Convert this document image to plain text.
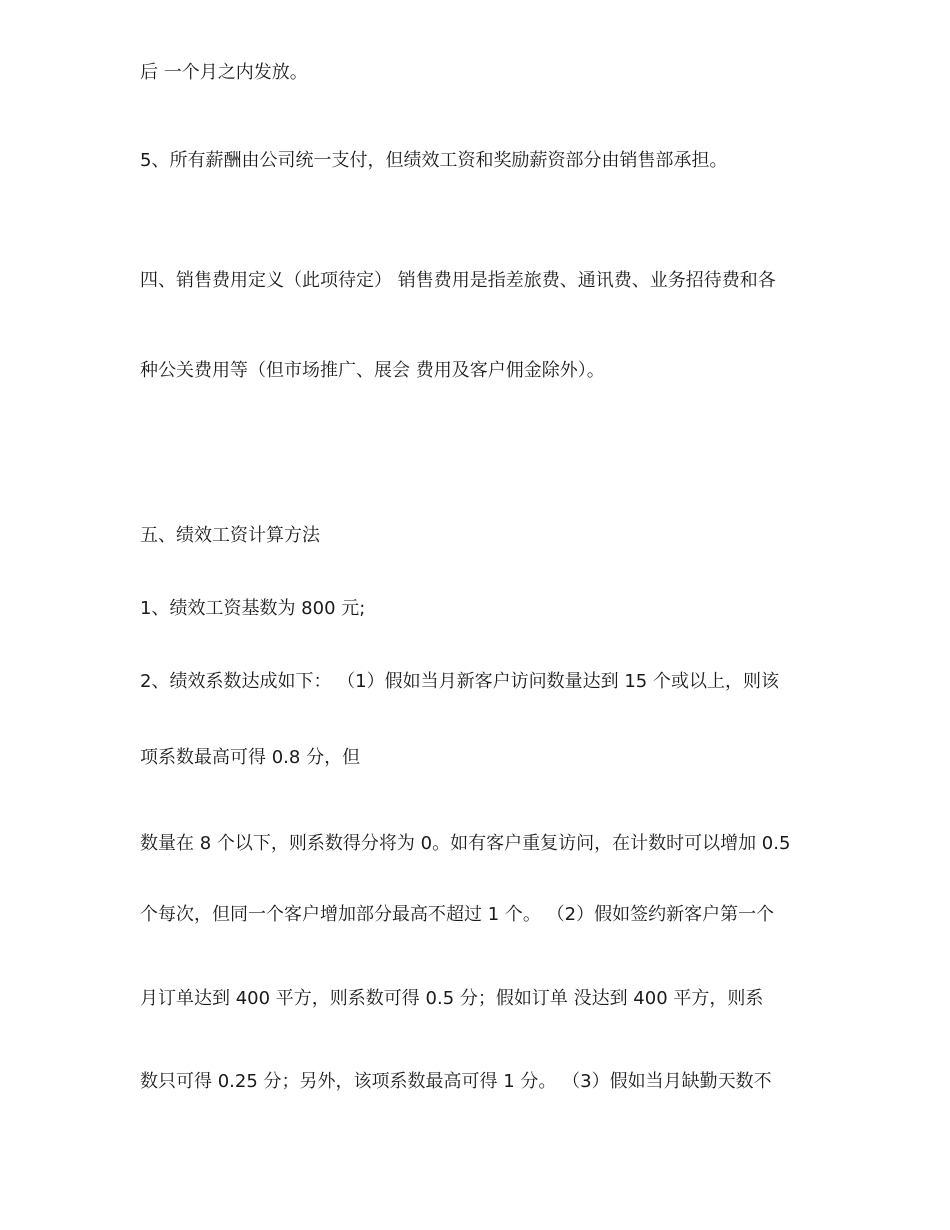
后 一个月之内发放。

5、所有薪酬由公司统一支付，但绩效工资和奖励薪资部分由销售部承担。

四、销售费用定义（此项待定） 销售费用是指差旅费、通讯费、业务招待费和各

种公关费用等（但市场推广、展会 费用及客户佣金除外）。

五、绩效工资计算方法

1、绩效工资基数为 800 元;

2、绩效系数达成如下： （1）假如当月新客户访问数量达到 15 个或以上，则该

项系数最高可得 0.8 分，但

数量在 8 个以下，则系数得分将为 0。如有客户重复访问，在计数时可以增加 0.5

个每次，但同一个客户增加部分最高不超过 1 个。 （2）假如签约新客户第一个

月订单达到 400 平方，则系数可得 0.5 分；假如订单 没达到 400 平方，则系

数只可得 0.25 分；另外，该项系数最高可得 1 分。 （3）假如当月缺勤天数不
